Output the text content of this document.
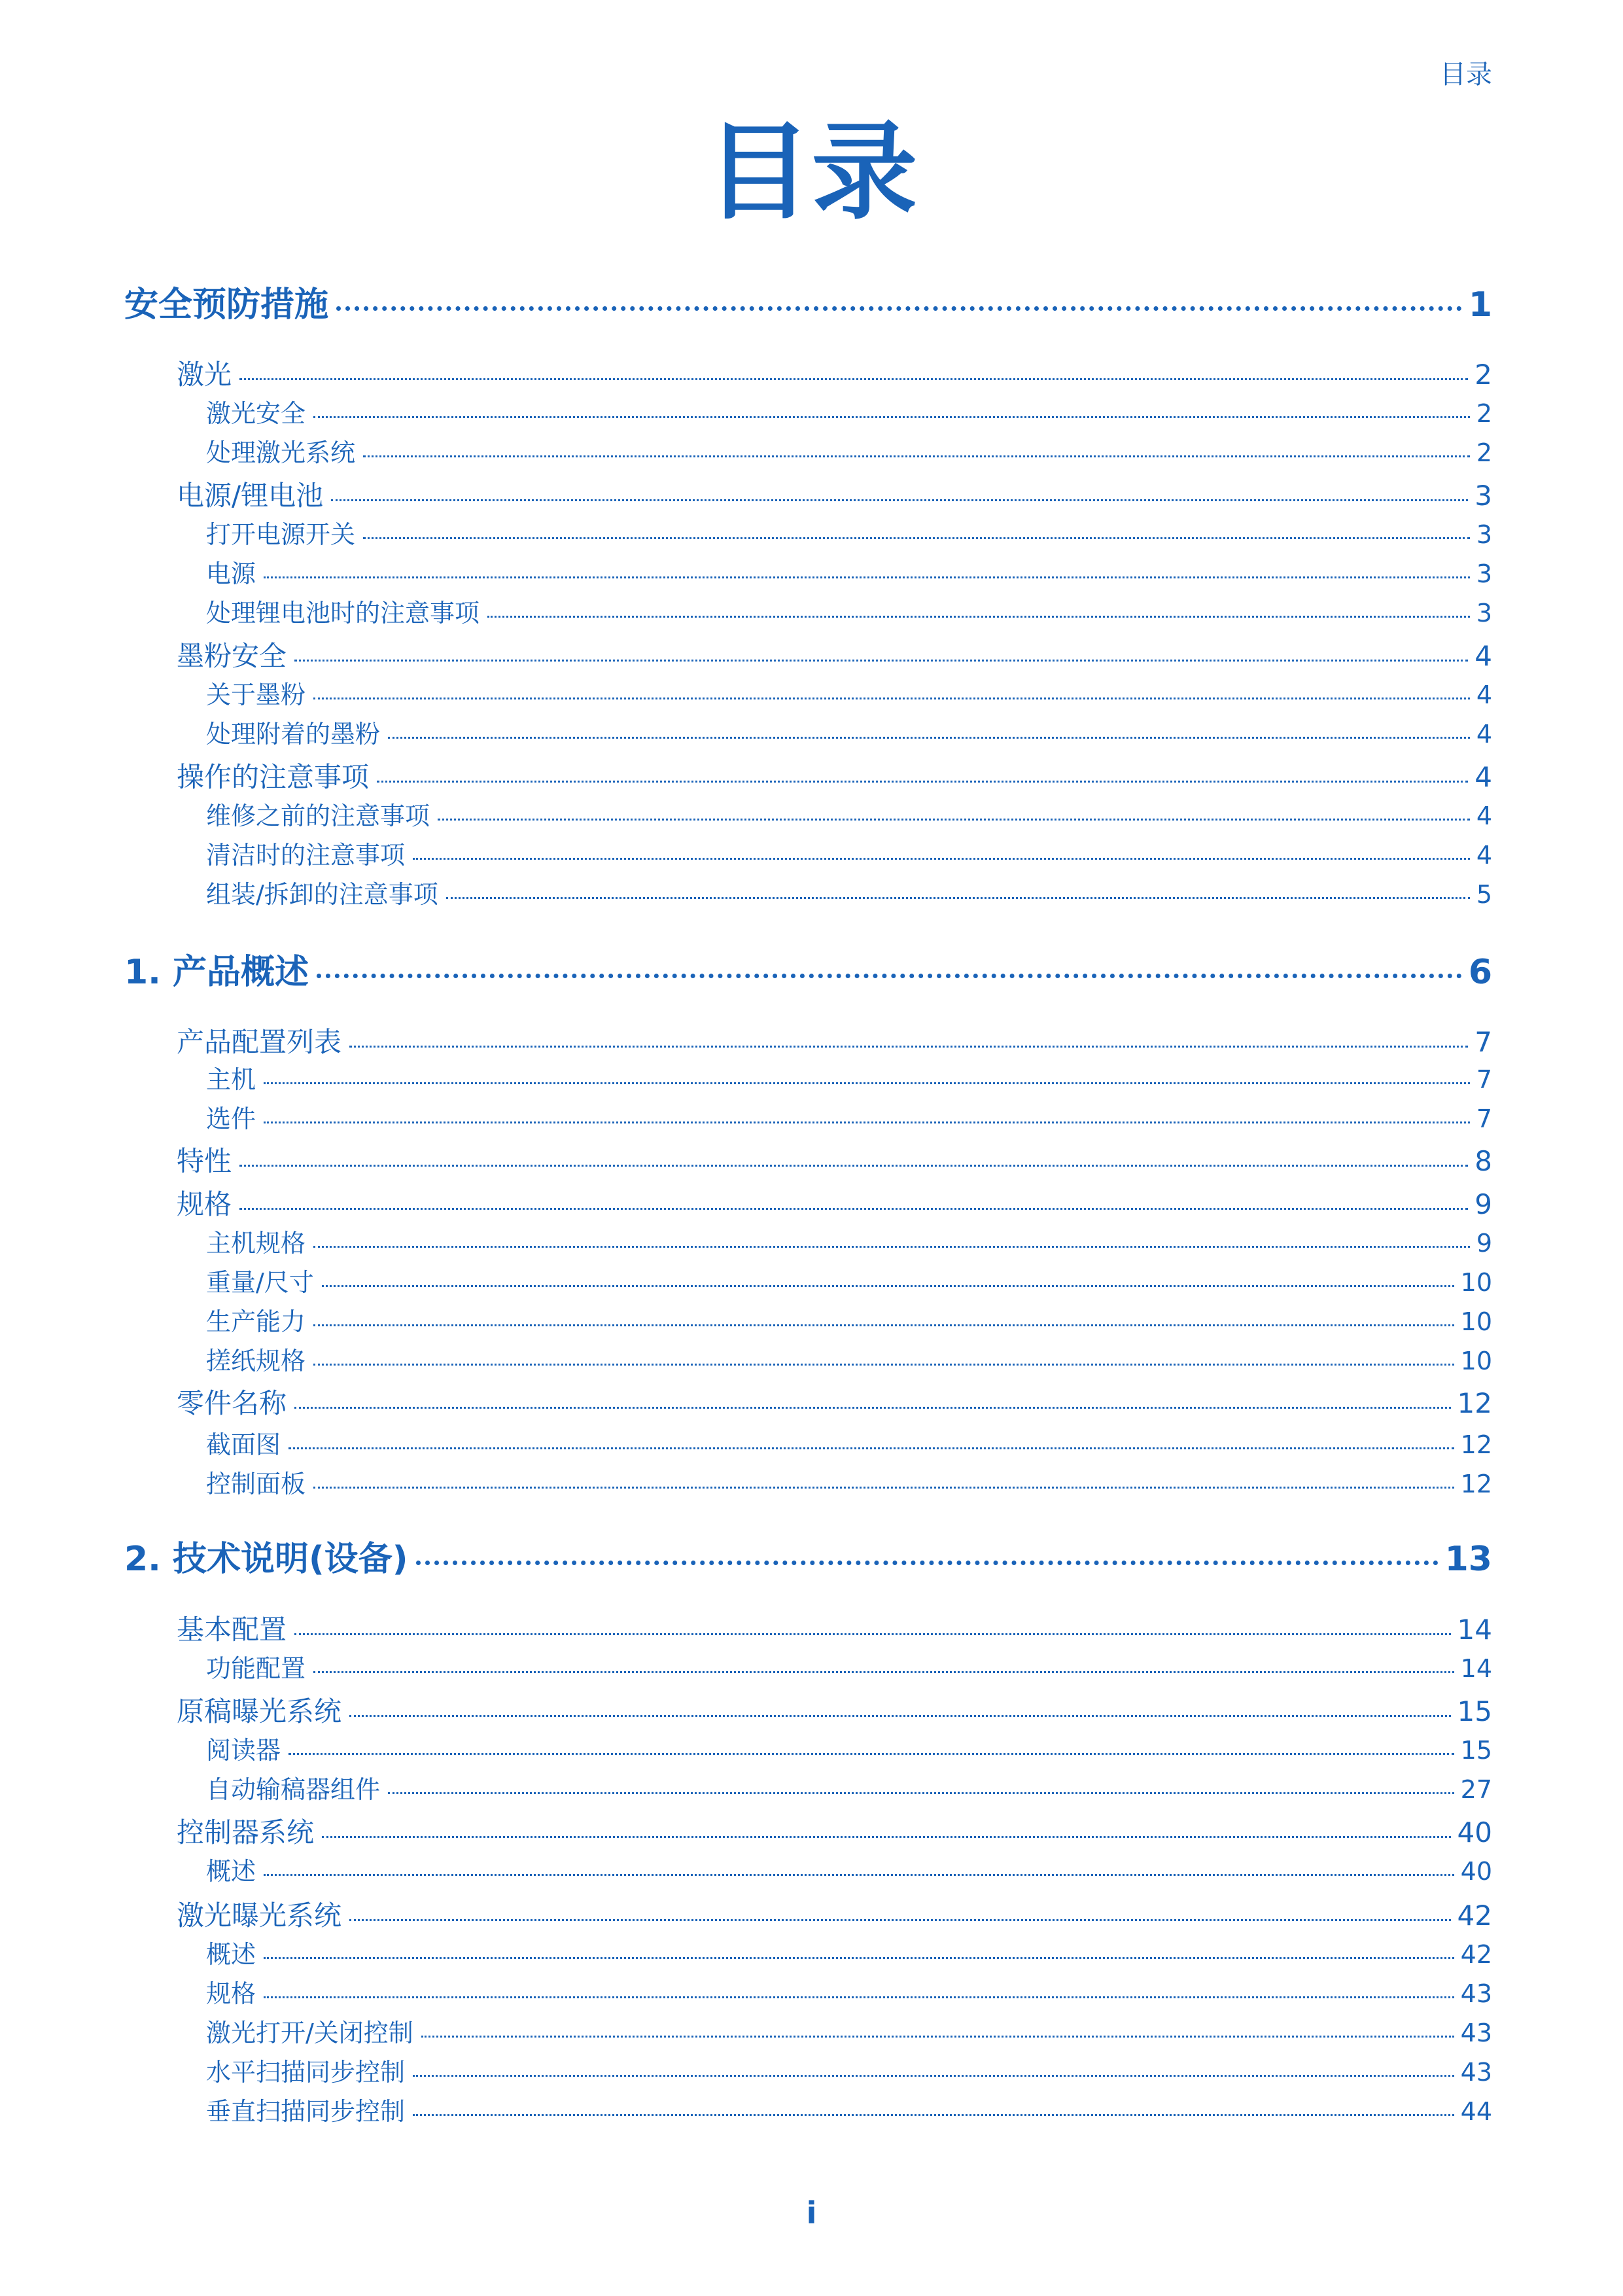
目录
目录
安全预防措施	1
激光	2
激光安全	2
处理激光系统	2
电源/锂电池	3
打开电源开关	3
电源	3
处理锂电池时的注意事项	3
墨粉安全	4
关于墨粉	4
处理附着的墨粉	4
操作的注意事项	4
维修之前的注意事项	4
清洁时的注意事项	4
组装/拆卸的注意事项	5
1. 产品概述	6
产品配置列表	7
主机	7
选件	7
特性	8
规格	9
主机规格	9
重量/尺寸	10
生产能力	10
搓纸规格	10
零件名称	12
截面图	12
控制面板	12
2. 技术说明(设备)	13
基本配置	14
功能配置	14
原稿曝光系统	15
阅读器	15
自动输稿器组件	27
控制器系统	40
概述	40
激光曝光系统	42
概述	42
规格	43
激光打开/关闭控制	43
水平扫描同步控制	43
垂直扫描同步控制	44
i
